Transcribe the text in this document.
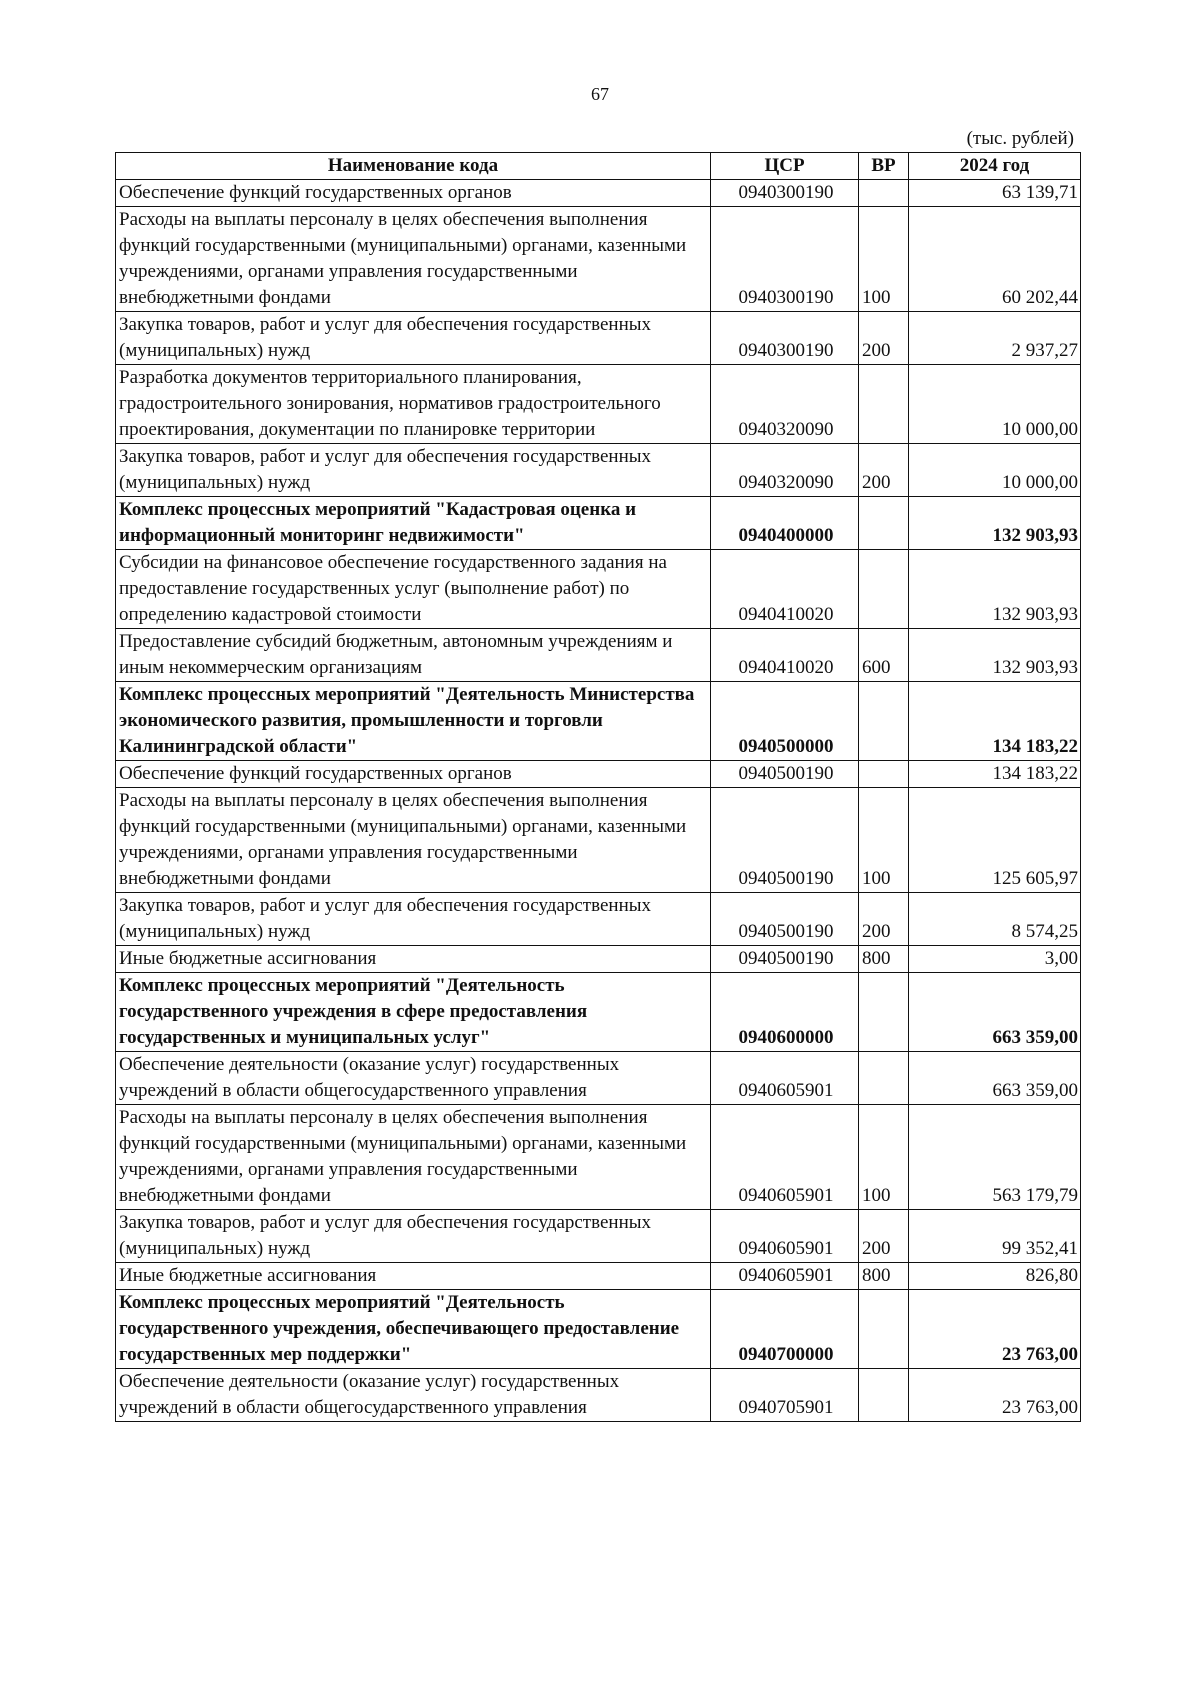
67
(тыс. рублей)
Наименование кода	ЦСР	ВР	2024 год
Обеспечение функций государственных органов	0940300190		63 139,71
Расходы на выплаты персоналу в целях обеспечения выполнения функций государственными (муниципальными) органами, казенными учреждениями, органами управления государственными внебюджетными фондами	0940300190	100	60 202,44
Закупка товаров, работ и услуг для обеспечения государственных (муниципальных) нужд	0940300190	200	2 937,27
Разработка документов территориального планирования, градостроительного зонирования, нормативов градостроительного проектирования, документации по планировке территории	0940320090		10 000,00
Закупка товаров, работ и услуг для обеспечения государственных (муниципальных) нужд	0940320090	200	10 000,00
Комплекс процессных мероприятий "Кадастровая оценка и информационный мониторинг недвижимости"	0940400000		132 903,93
Субсидии на финансовое обеспечение государственного задания на предоставление государственных услуг (выполнение работ) по определению кадастровой стоимости	0940410020		132 903,93
Предоставление субсидий бюджетным, автономным учреждениям и иным некоммерческим организациям	0940410020	600	132 903,93
Комплекс процессных мероприятий "Деятельность Министерства экономического развития, промышленности и торговли Калининградской области"	0940500000		134 183,22
Обеспечение функций государственных органов	0940500190		134 183,22
Расходы на выплаты персоналу в целях обеспечения выполнения функций государственными (муниципальными) органами, казенными учреждениями, органами управления государственными внебюджетными фондами	0940500190	100	125 605,97
Закупка товаров, работ и услуг для обеспечения государственных (муниципальных) нужд	0940500190	200	8 574,25
Иные бюджетные ассигнования	0940500190	800	3,00
Комплекс процессных мероприятий "Деятельность государственного учреждения в сфере предоставления государственных и муниципальных услуг"	0940600000		663 359,00
Обеспечение деятельности (оказание услуг) государственных учреждений в области общегосударственного управления	0940605901		663 359,00
Расходы на выплаты персоналу в целях обеспечения выполнения функций государственными (муниципальными) органами, казенными учреждениями, органами управления государственными внебюджетными фондами	0940605901	100	563 179,79
Закупка товаров, работ и услуг для обеспечения государственных (муниципальных) нужд	0940605901	200	99 352,41
Иные бюджетные ассигнования	0940605901	800	826,80
Комплекс процессных мероприятий "Деятельность государственного учреждения, обеспечивающего предоставление государственных мер поддержки"	0940700000		23 763,00
Обеспечение деятельности (оказание услуг) государственных учреждений в области общегосударственного управления	0940705901		23 763,00
